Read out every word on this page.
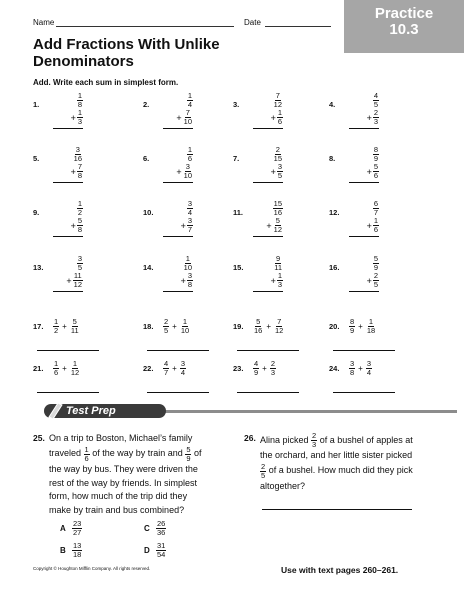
Name	Date
Practice
10.3
Add Fractions With Unlike
Denominators
Add. Write each sum in simplest form.
1.	$\frac{1}{8}$
+ $\frac{1}{3}$
2.	$\frac{1}{4}$
+ $\frac{7}{10}$
3.	$\frac{7}{12}$
+ $\frac{1}{6}$
4.	$\frac{4}{5}$
+ $\frac{2}{3}$
5.	$\frac{3}{16}$
+ $\frac{7}{8}$
6.	$\frac{1}{6}$
+ $\frac{3}{10}$
7.	$\frac{2}{15}$
+ $\frac{3}{5}$
8.	$\frac{8}{9}$
+ $\frac{5}{6}$
9.	$\frac{1}{2}$
+ $\frac{5}{8}$
10.	$\frac{3}{4}$
+ $\frac{3}{7}$
11.	$\frac{15}{16}$
+ $\frac{5}{12}$
12.	$\frac{6}{7}$
+ $\frac{1}{6}$
13.	$\frac{3}{5}$
+ $\frac{11}{12}$
14.	$\frac{1}{10}$
+ $\frac{3}{8}$
15.	$\frac{9}{11}$
+ $\frac{1}{3}$
16.	$\frac{5}{9}$
+ $\frac{2}{5}$
17.	$\frac{1}{2} + \frac{5}{11}$	18.	$\frac{2}{5} + \frac{1}{10}$	19.	$\frac{5}{16} + \frac{7}{12}$	20.	$\frac{8}{9} + \frac{1}{18}$
21.	$\frac{1}{6} + \frac{1}{12}$	22.	$\frac{4}{7} + \frac{3}{4}$	23.	$\frac{4}{9} + \frac{2}{3}$	24.	$\frac{3}{8} + \frac{3}{4}$
Test Prep
25. On a trip to Boston, Michael’s family
traveled
$\frac{1}{6}$
of the way by train and
$\frac{5}{9}$
of
the way by bus. They were driven the
rest of the way by friends. In simplest
form, how much of the trip did they
make by train and bus combined?
A $\frac{23}{27}$	C $\frac{26}{36}$
B $\frac{13}{18}$	D $\frac{31}{54}$
26. Alina picked
$\frac{2}{3}$
of a bushel of apples at
the orchard, and her little sister picked
$\frac{2}{5}$
of a bushel. How much did they pick
altogether?
Copyright © Houghton Mifflin Company. All rights reserved.	Use with text pages 260–261.
